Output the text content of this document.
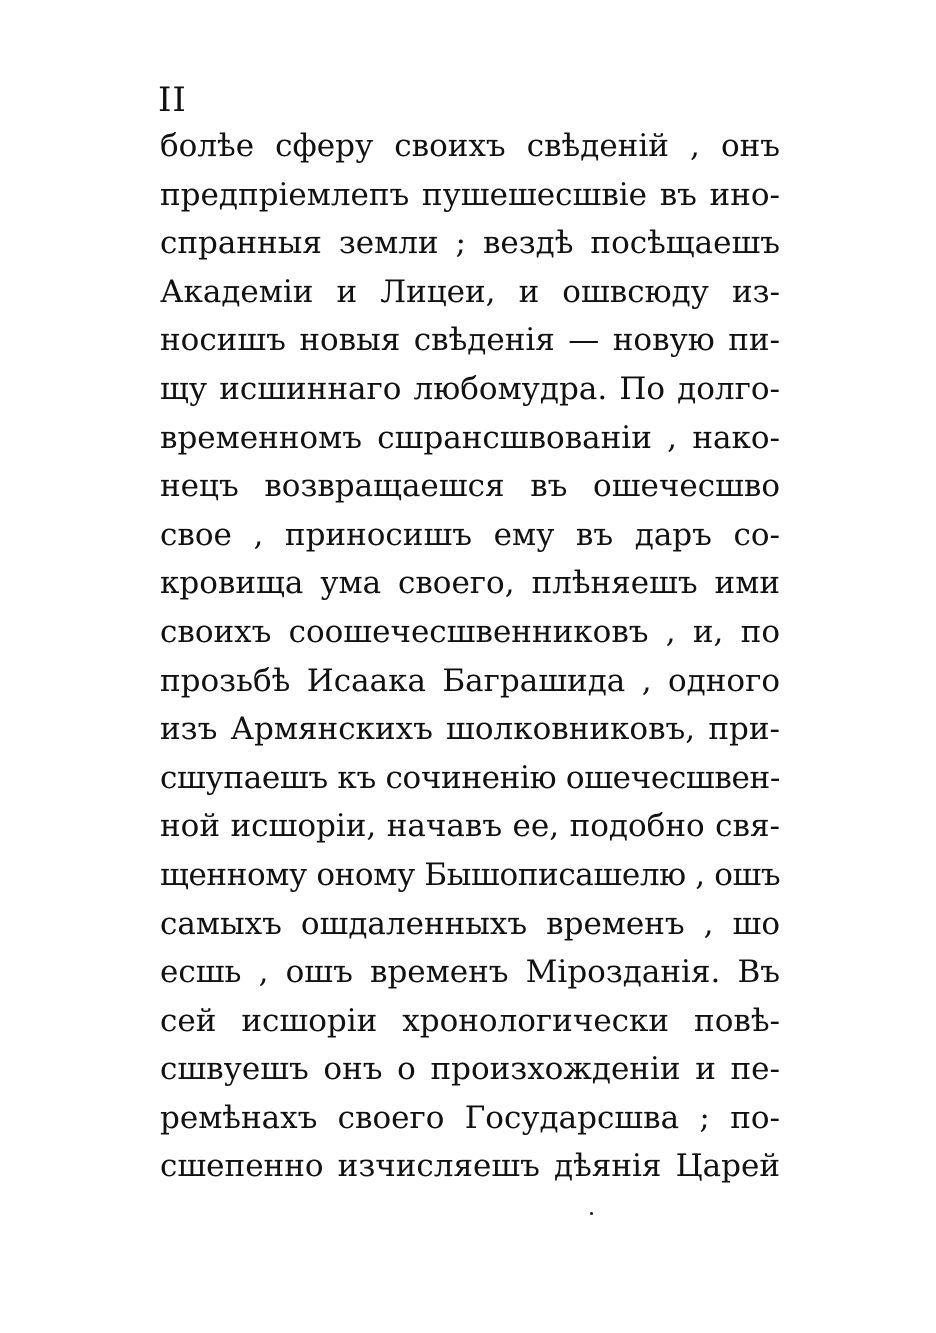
II
болѣе сферу своихъ свѣденій , онъ
предпріемлепъ пушешесшвіе въ ино-
спранныя земли ; вездѣ посѣщаешъ
Академіи и Лицеи, и ошвсюду из-
носишъ новыя свѣденія — новую пи-
щу исшиннаго любомудра. По долго-
временномъ сшрансшвованіи , нако-
нецъ возвращаешся въ ошечесшво
свое , приносишъ ему въ даръ со-
кровища ума своего, плѣняешъ ими
своихъ соошечесшвенниковъ , и, по
прозьбѣ Исаака Баграшида , одного
изъ Армянскихъ шолковниковъ, при-
сшупаешъ къ сочиненію ошечесшвен-
ной исшоріи, начавъ ее, подобно свя-
щенному оному Бышописашелю , ошъ
самыхъ ошдаленныхъ временъ , шо
есшь , ошъ временъ Мірозданія. Въ
сей исшоріи хронологически повѣ-
сшвуешъ онъ о произхожденіи и пе-
ремѣнахъ своего Государсшва ; по-
сшепенно изчисляешъ дѣянія Царей
